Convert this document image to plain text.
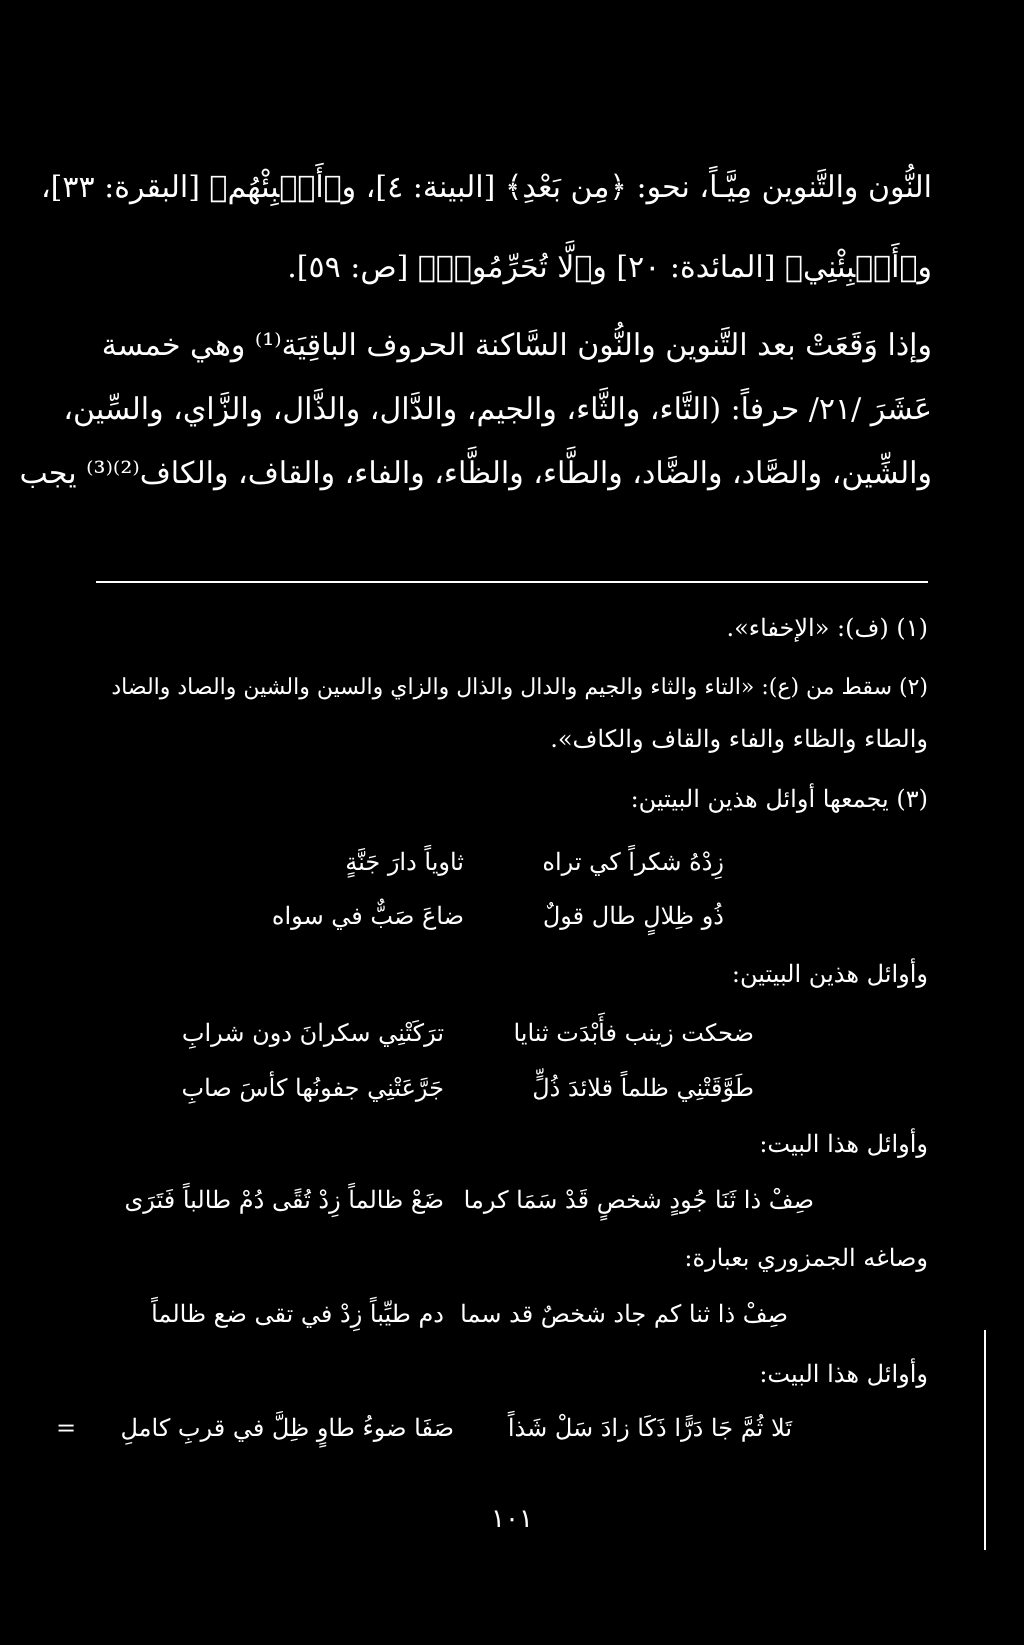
النُّون والتَّنوين مِيَّـاً، نحو: ﴿مِن بَعْدِ﴾ [البينة: ٤]، و﴿أَنۢبِئْهُم﴾ [البقرة: ٣٣]،
و﴿أَنۢبِئْنِي﴾ [المائدة: ٢٠] و﴿لَّا تُحَرِّمُوا۟﴾ [ص: ٥٩].
وإذا وَقَعَتْ بعد التَّنوين والنُّون السَّاكنة الحروف الباقِيَة⁽¹⁾ وهي خمسة
عَشَرَ /٢١/ حرفاً: (التَّاء، والثَّاء، والجيم، والدَّال، والذَّال، والزَّاي، والسِّين،
والشِّين، والصَّاد، والضَّاد، والطَّاء، والظَّاء، والفاء، والقاف، والكاف⁽²⁾⁽³⁾ يجب
(١) (ف): «الإخفاء».
(٢) سقط من (ع): «التاء والثاء والجيم والدال والذال والزاي والسين والشين والصاد والضاد
والطاء والظاء والفاء والقاف والكاف».
(٣) يجمعها أوائل هذين البيتين:
زِدْهُ شكراً كي تراه
ثاوياً دارَ جَنَّةٍ
ذُو ظِلالٍ طال قولٌ
ضاعَ صَبٌّ في سواه
وأوائل هذين البيتين:
ضحكت زينب فأَبْدَت ثنايا
ترَكَتْنِي سكرانَ دون شرابِ
طَوَّقَتْنِي ظلماً قلائدَ ذُلٍّ
جَرَّعَتْنِي جفونُها كأسَ صابِ
وأوائل هذا البيت:
صِفْ ذا ثَنَا جُودٍ شخصٍ قَدْ سَمَا كرما
ضَعْ ظالماً زِدْ تُقًى دُمْ طالباً فَتَرَى
وصاغه الجمزوري بعبارة:
صِفْ ذا ثنا كم جاد شخصٌ قد سما
دم طيِّباً زِدْ في تقى ضع ظالماً
وأوائل هذا البيت:
تَلا ثُمَّ جَا دَرًّا ذَكَا زادَ سَلْ شَذاً
صَفَا ضوءُ طاوٍ ظِلَّ في قربِ كاملِ
=
١٠١
